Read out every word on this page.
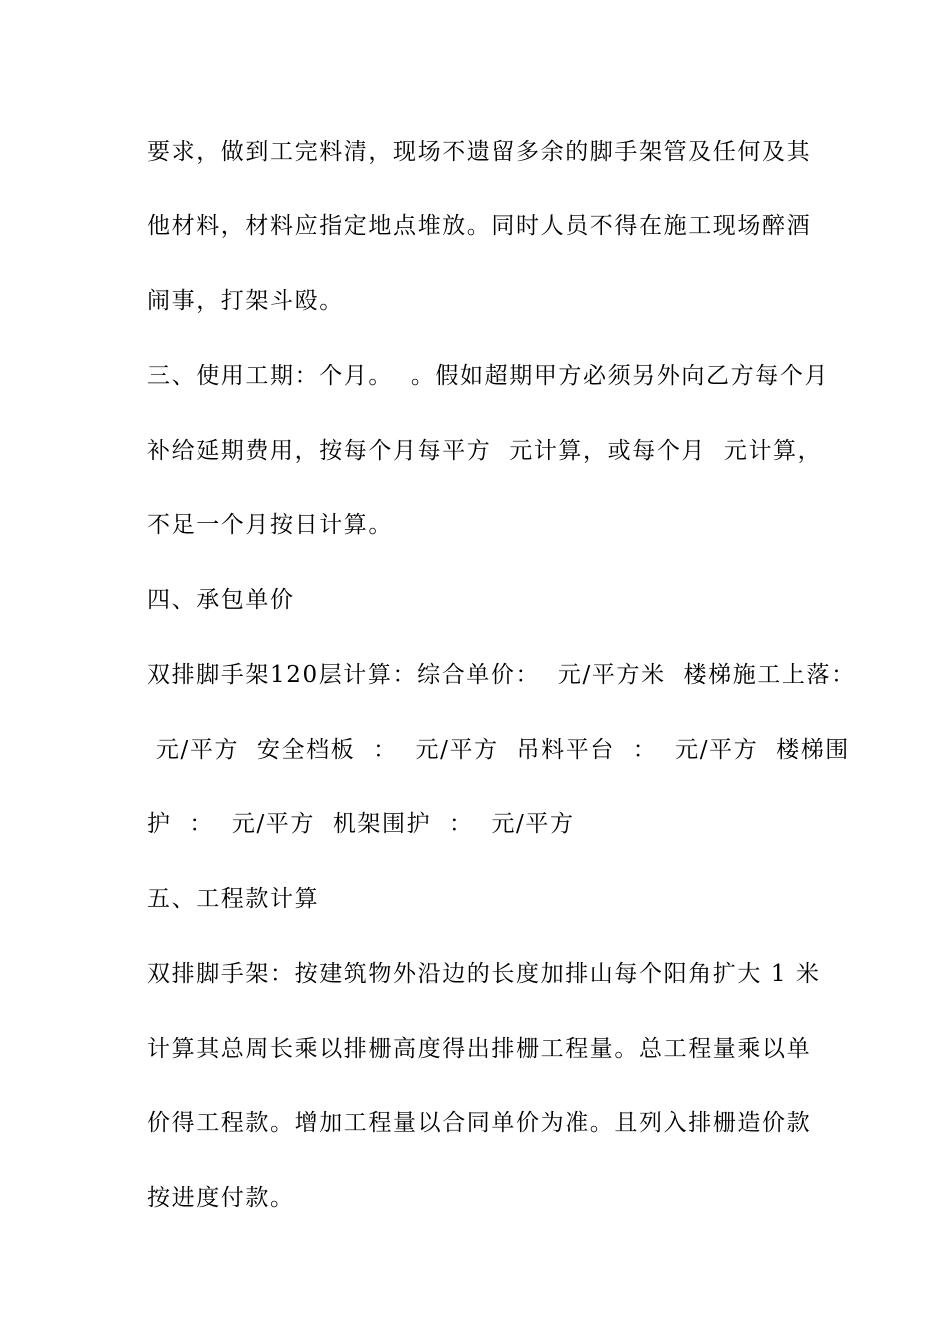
要求，做到工完料清，现场不遗留多余的脚手架管及任何及其
他材料，材料应指定地点堆放。同时人员不得在施工现场醉酒
闹事，打架斗殴。
三、使用工期：个月。  。假如超期甲方必须另外向乙方每个月
补给延期费用，按每个月每平方  元计算，或每个月  元计算，
不足一个月按日计算。
四、承包单价
双排脚手架120层计算：综合单价：  元/平方米  楼梯施工上落：
元/平方  安全档板  ：  元/平方  吊料平台  ：  元/平方  楼梯围
护  ：  元/平方  机架围护  ：  元/平方
五、工程款计算
双排脚手架：按建筑物外沿边的长度加排山每个阳角扩大 1 米
计算其总周长乘以排栅高度得出排栅工程量。总工程量乘以单
价得工程款。增加工程量以合同单价为准。且列入排栅造价款
按进度付款。
